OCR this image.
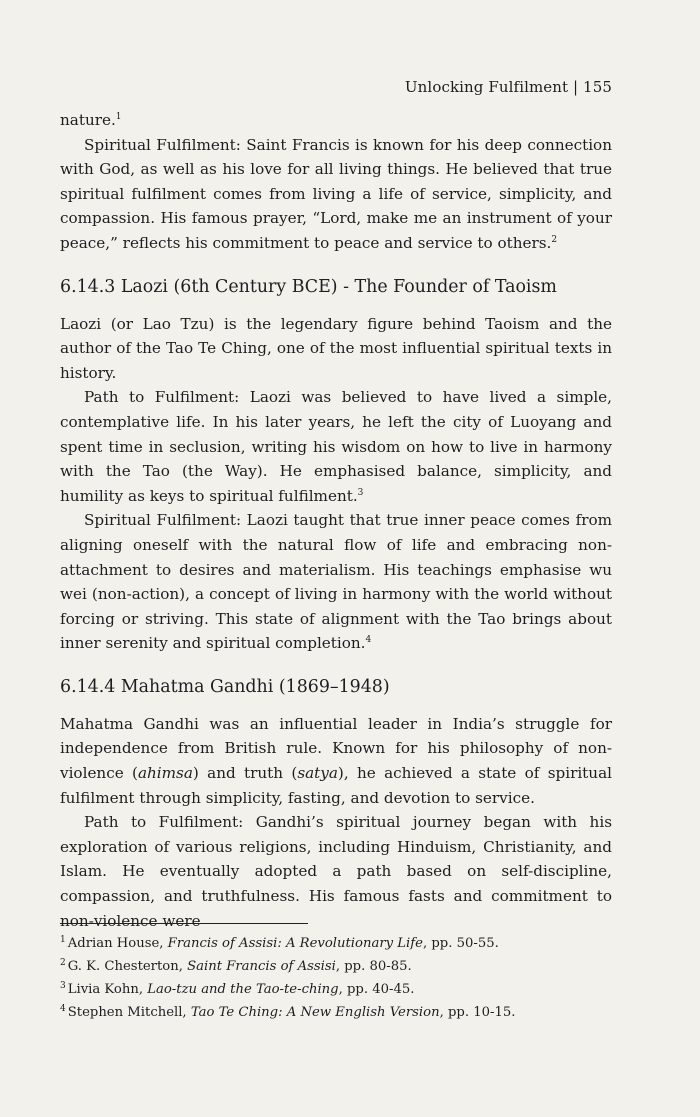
Unlocking Fulfilment | 155

nature.$^1$

Spiritual Fulfilment: Saint Francis is known for his deep connection with God, as well as his love for all living things. He believed that true spiritual fulfilment comes from living a life of service, simplicity, and compassion. His famous prayer, “Lord, make me an instrument of your peace,” reflects his commitment to peace and service to others.$^2$

6.14.3 Laozi (6th Century BCE) - The Founder of Taoism

Laozi (or Lao Tzu) is the legendary figure behind Taoism and the author of the Tao Te Ching, one of the most influential spiritual texts in history.

Path to Fulfilment: Laozi was believed to have lived a simple, contemplative life. In his later years, he left the city of Luoyang and spent time in seclusion, writing his wisdom on how to live in harmony with the Tao (the Way). He emphasised balance, simplicity, and humility as keys to spiritual fulfilment.$^3$

Spiritual Fulfilment: Laozi taught that true inner peace comes from aligning oneself with the natural flow of life and embracing non-attachment to desires and materialism. His teachings emphasise wu wei (non-action), a concept of living in harmony with the world without forcing or striving. This state of alignment with the Tao brings about inner serenity and spiritual completion.$^4$

6.14.4 Mahatma Gandhi (1869–1948)

Mahatma Gandhi was an influential leader in India’s struggle for independence from British rule. Known for his philosophy of non-violence (ahimsa) and truth (satya), he achieved a state of spiritual fulfilment through simplicity, fasting, and devotion to service.

Path to Fulfilment: Gandhi’s spiritual journey began with his exploration of various religions, including Hinduism, Christianity, and Islam. He eventually adopted a path based on self-discipline, compassion, and truthfulness. His famous fasts and commitment to non-violence were

$^1$ Adrian House, Francis of Assisi: A Revolutionary Life, pp. 50-55.

$^2$ G. K. Chesterton, Saint Francis of Assisi, pp. 80-85.

$^3$ Livia Kohn, Lao-tzu and the Tao-te-ching, pp. 40-45.

$^4$ Stephen Mitchell, Tao Te Ching: A New English Version, pp. 10-15.
